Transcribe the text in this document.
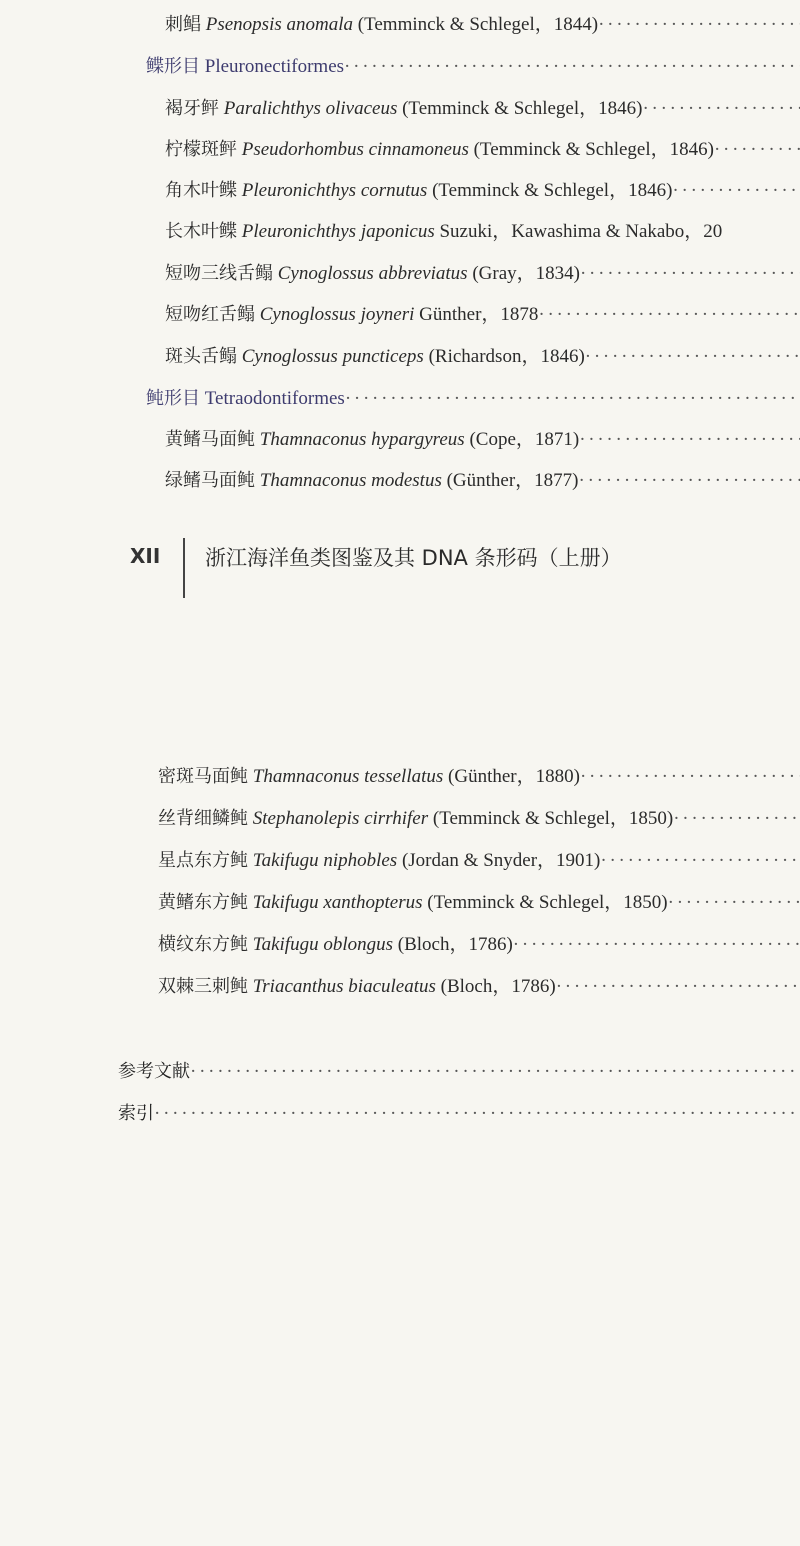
刺鲳 Psenopsis anomala (Temminck & Schlegel，1844)· · ·
鲽形目 Pleuronectiformes· · ·
褐牙鲆 Paralichthys olivaceus (Temminck & Schlegel，1846)· · ·
柠檬斑鲆 Pseudorhombus cinnamoneus (Temminck & Schlegel，1846)· · ·
角木叶鲽 Pleuronichthys cornutus (Temminck & Schlegel，1846)· · ·
长木叶鲽 Pleuronichthys japonicus Suzuki，Kawashima & Nakabo，20
短吻三线舌鳎 Cynoglossus abbreviatus (Gray，1834)· · ·
短吻红舌鳎 Cynoglossus joyneri Günther，1878· · ·
斑头舌鳎 Cynoglossus puncticeps (Richardson，1846)· · ·
鲀形目 Tetraodontiformes· · ·
黄鳍马面鲀 Thamnaconus hypargyreus (Cope，1871)· · ·
绿鳍马面鲀 Thamnaconus modestus (Günther，1877)· · ·
XII 浙江海洋鱼类图鉴及其 DNA 条形码（上册）
密斑马面鲀 Thamnaconus tessellatus (Günther，1880)· · ·
丝背细鳞鲀 Stephanolepis cirrhifer (Temminck & Schlegel，1850)· · ·
星点东方鲀 Takifugu niphobles (Jordan & Snyder，1901)· · ·
黄鳍东方鲀 Takifugu xanthopterus (Temminck & Schlegel，1850)· · ·
横纹东方鲀 Takifugu oblongus (Bloch，1786)· · ·
双棘三刺鲀 Triacanthus biaculeatus (Bloch，1786)· · ·
参考文献· · ·
索引· · ·
